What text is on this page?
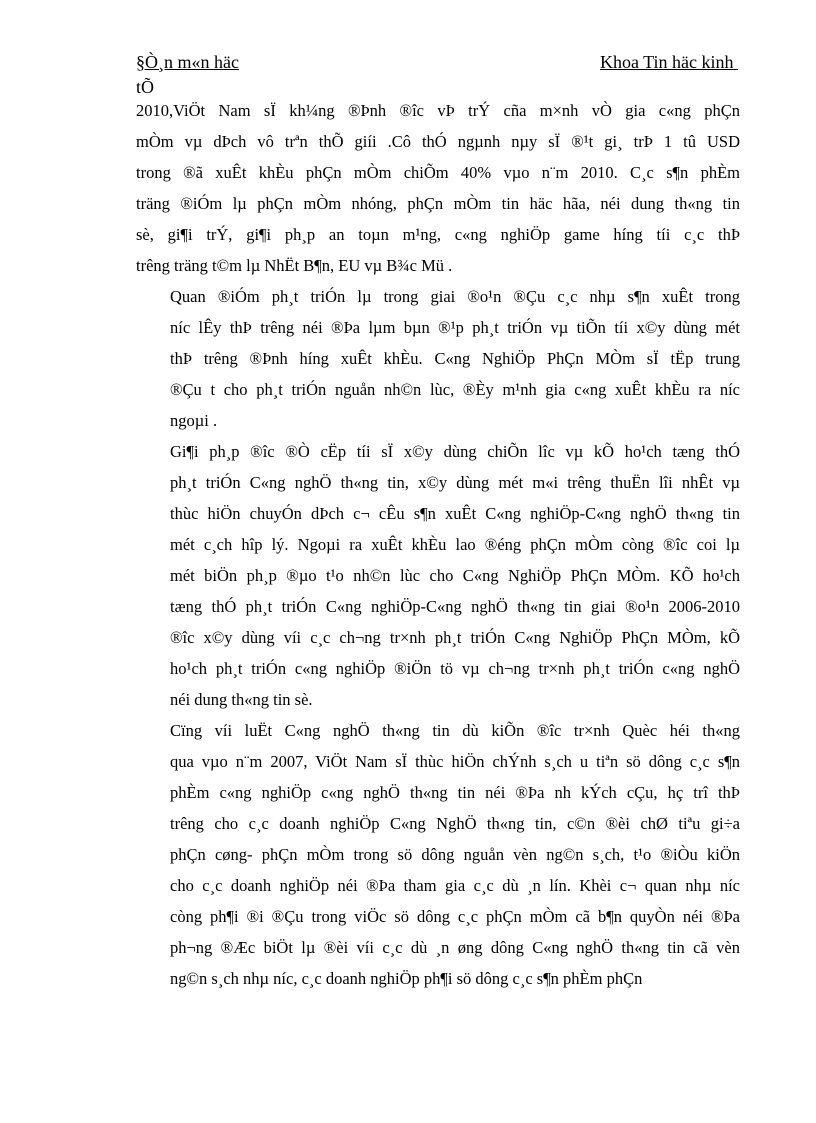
§Ò¸n m«n häc	Khoa Tin häc kinh
tÕ

2010,ViÖt Nam sÏ kh¼ng ®Þnh ®îc vÞ trÝ cña m×nh vÒ gia c«ng phÇn
mÒm vµ dÞch vô trªn thÕ giíi .Cô thÓ ngµnh nµy sÏ ®¹t gi¸ trÞ 1 tû USD
trong ®ã xuÊt khÈu phÇn mÒm chiÕm 40% vµo n¨m 2010. C¸c s¶n phÈm
träng ®iÓm lµ phÇn mÒm nhóng, phÇn mÒm tin häc hãa, néi dung th«ng tin
sè, gi¶i trÝ, gi¶i ph¸p an toµn m¹ng, c«ng nghiÖp game híng tíi c¸c thÞ
trêng träng t©m lµ NhËt B¶n, EU vµ B¾c Mü .

Quan ®iÓm ph¸t triÓn lµ trong giai ®o¹n ®Çu c¸c nhµ s¶n xuÊt trong
níc lÊy thÞ trêng néi ®Þa lµm bµn ®¹p ph¸t triÓn vµ tiÕn tíi x©y dùng mét
thÞ trêng ®Þnh híng xuÊt khÈu. C«ng NghiÖp PhÇn MÒm sÏ tËp trung
®Çu t cho ph¸t triÓn nguån nh©n lùc, ®Èy m¹nh gia c«ng xuÊt khÈu ra níc
ngoµi .

Gi¶i ph¸p ®îc ®Ò cËp tíi sÏ x©y dùng chiÕn lîc vµ kÕ ho¹ch tæng thÓ
ph¸t triÓn C«ng nghÖ th«ng tin, x©y dùng mét m«i trêng thuËn lîi nhÊt vµ
thùc hiÖn chuyÓn dÞch c¬ cÊu s¶n xuÊt C«ng nghiÖp-C«ng nghÖ th«ng tin
mét c¸ch hîp lý. Ngoµi ra xuÊt khÈu lao ®éng phÇn mÒm còng ®îc coi lµ
mét biÖn ph¸p ®µo t¹o nh©n lùc cho C«ng NghiÖp PhÇn MÒm. KÕ ho¹ch
tæng thÓ ph¸t triÓn C«ng nghiÖp-C«ng nghÖ th«ng tin giai ®o¹n 2006-2010
®îc x©y dùng víi c¸c ch¬ng tr×nh ph¸t triÓn C«ng NghiÖp PhÇn MÒm, kÕ
ho¹ch ph¸t triÓn c«ng nghiÖp ®iÖn tö vµ ch¬ng tr×nh ph¸t triÓn c«ng nghÖ
néi dung th«ng tin sè.

Cïng víi luËt C«ng nghÖ th«ng tin dù kiÕn ®îc tr×nh Quèc héi th«ng
qua vµo n¨m 2007, ViÖt Nam sÏ thùc hiÖn chÝnh s¸ch u tiªn sö dông c¸c s¶n
phÈm c«ng nghiÖp c«ng nghÖ th«ng tin néi ®Þa nh kÝch cÇu, hç trî thÞ
trêng cho c¸c doanh nghiÖp C«ng NghÖ th«ng tin, c©n ®èi chØ tiªu gi÷a
phÇn cøng- phÇn mÒm trong sö dông nguån vèn ng©n s¸ch, t¹o ®iÒu kiÖn
cho c¸c doanh nghiÖp néi ®Þa tham gia c¸c dù ¸n lín. Khèi c¬ quan nhµ níc
còng ph¶i ®i ®Çu trong viÖc sö dông c¸c phÇn mÒm cã b¶n quyÒn néi ®Þa
ph¬ng ®Æc biÖt lµ ®èi víi c¸c dù ¸n øng dông C«ng nghÖ th«ng tin cã vèn
ng©n s¸ch nhµ níc, c¸c doanh nghiÖp ph¶i sö dông c¸c s¶n phÈm phÇn
